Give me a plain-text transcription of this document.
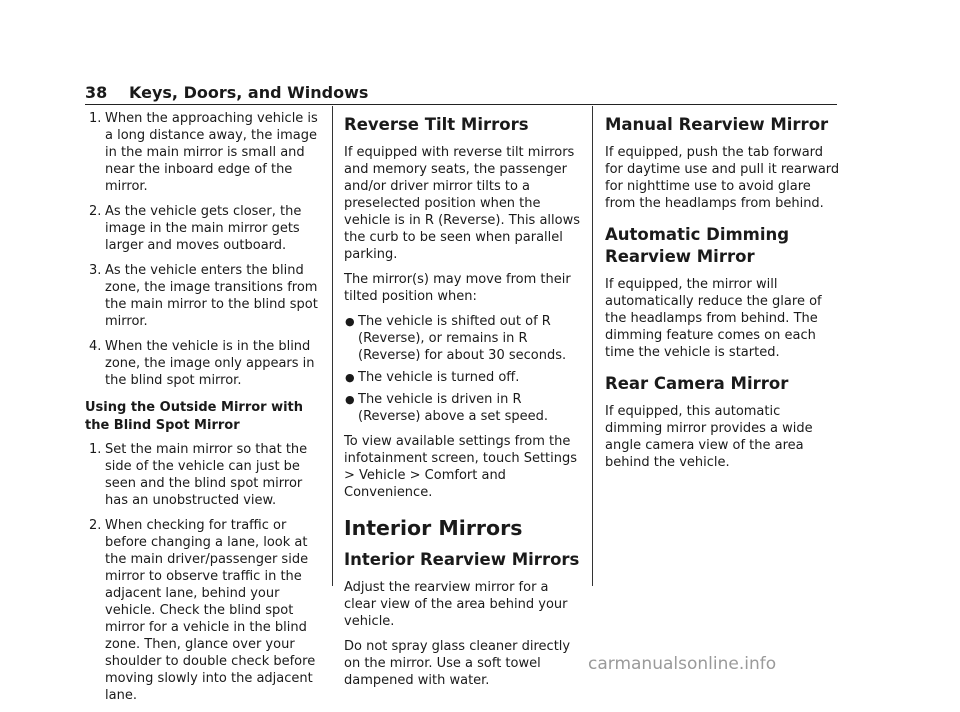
38 Keys, Doors, and Windows
1. When the approaching vehicle is a long distance away, the image in the main mirror is small and near the inboard edge of the mirror.
2. As the vehicle gets closer, the image in the main mirror gets larger and moves outboard.
3. As the vehicle enters the blind zone, the image transitions from the main mirror to the blind spot mirror.
4. When the vehicle is in the blind zone, the image only appears in the blind spot mirror.
Using the Outside Mirror with the Blind Spot Mirror
1. Set the main mirror so that the side of the vehicle can just be seen and the blind spot mirror has an unobstructed view.
2. When checking for traffic or before changing a lane, look at the main driver/passenger side mirror to observe traffic in the adjacent lane, behind your vehicle. Check the blind spot mirror for a vehicle in the blind zone. Then, glance over your shoulder to double check before moving slowly into the adjacent lane.
Reverse Tilt Mirrors

If equipped with reverse tilt mirrors and memory seats, the passenger and/or driver mirror tilts to a preselected position when the vehicle is in R (Reverse). This allows the curb to be seen when parallel parking.

The mirror(s) may move from their tilted position when:

● The vehicle is shifted out of R (Reverse), or remains in R (Reverse) for about 30 seconds.
● The vehicle is turned off.
● The vehicle is driven in R (Reverse) above a set speed.

To view available settings from the infotainment screen, touch Settings > Vehicle > Comfort and Convenience.

Interior Mirrors
Interior Rearview Mirrors

Adjust the rearview mirror for a clear view of the area behind your vehicle.

Do not spray glass cleaner directly on the mirror. Use a soft towel dampened with water.

Manual Rearview Mirror

If equipped, push the tab forward for daytime use and pull it rearward for nighttime use to avoid glare from the headlamps from behind.

Automatic Dimming Rearview Mirror

If equipped, the mirror will automatically reduce the glare of the headlamps from behind. The dimming feature comes on each time the vehicle is started.

Rear Camera Mirror

If equipped, this automatic dimming mirror provides a wide angle camera view of the area behind the vehicle.

carmanualsonline.info
